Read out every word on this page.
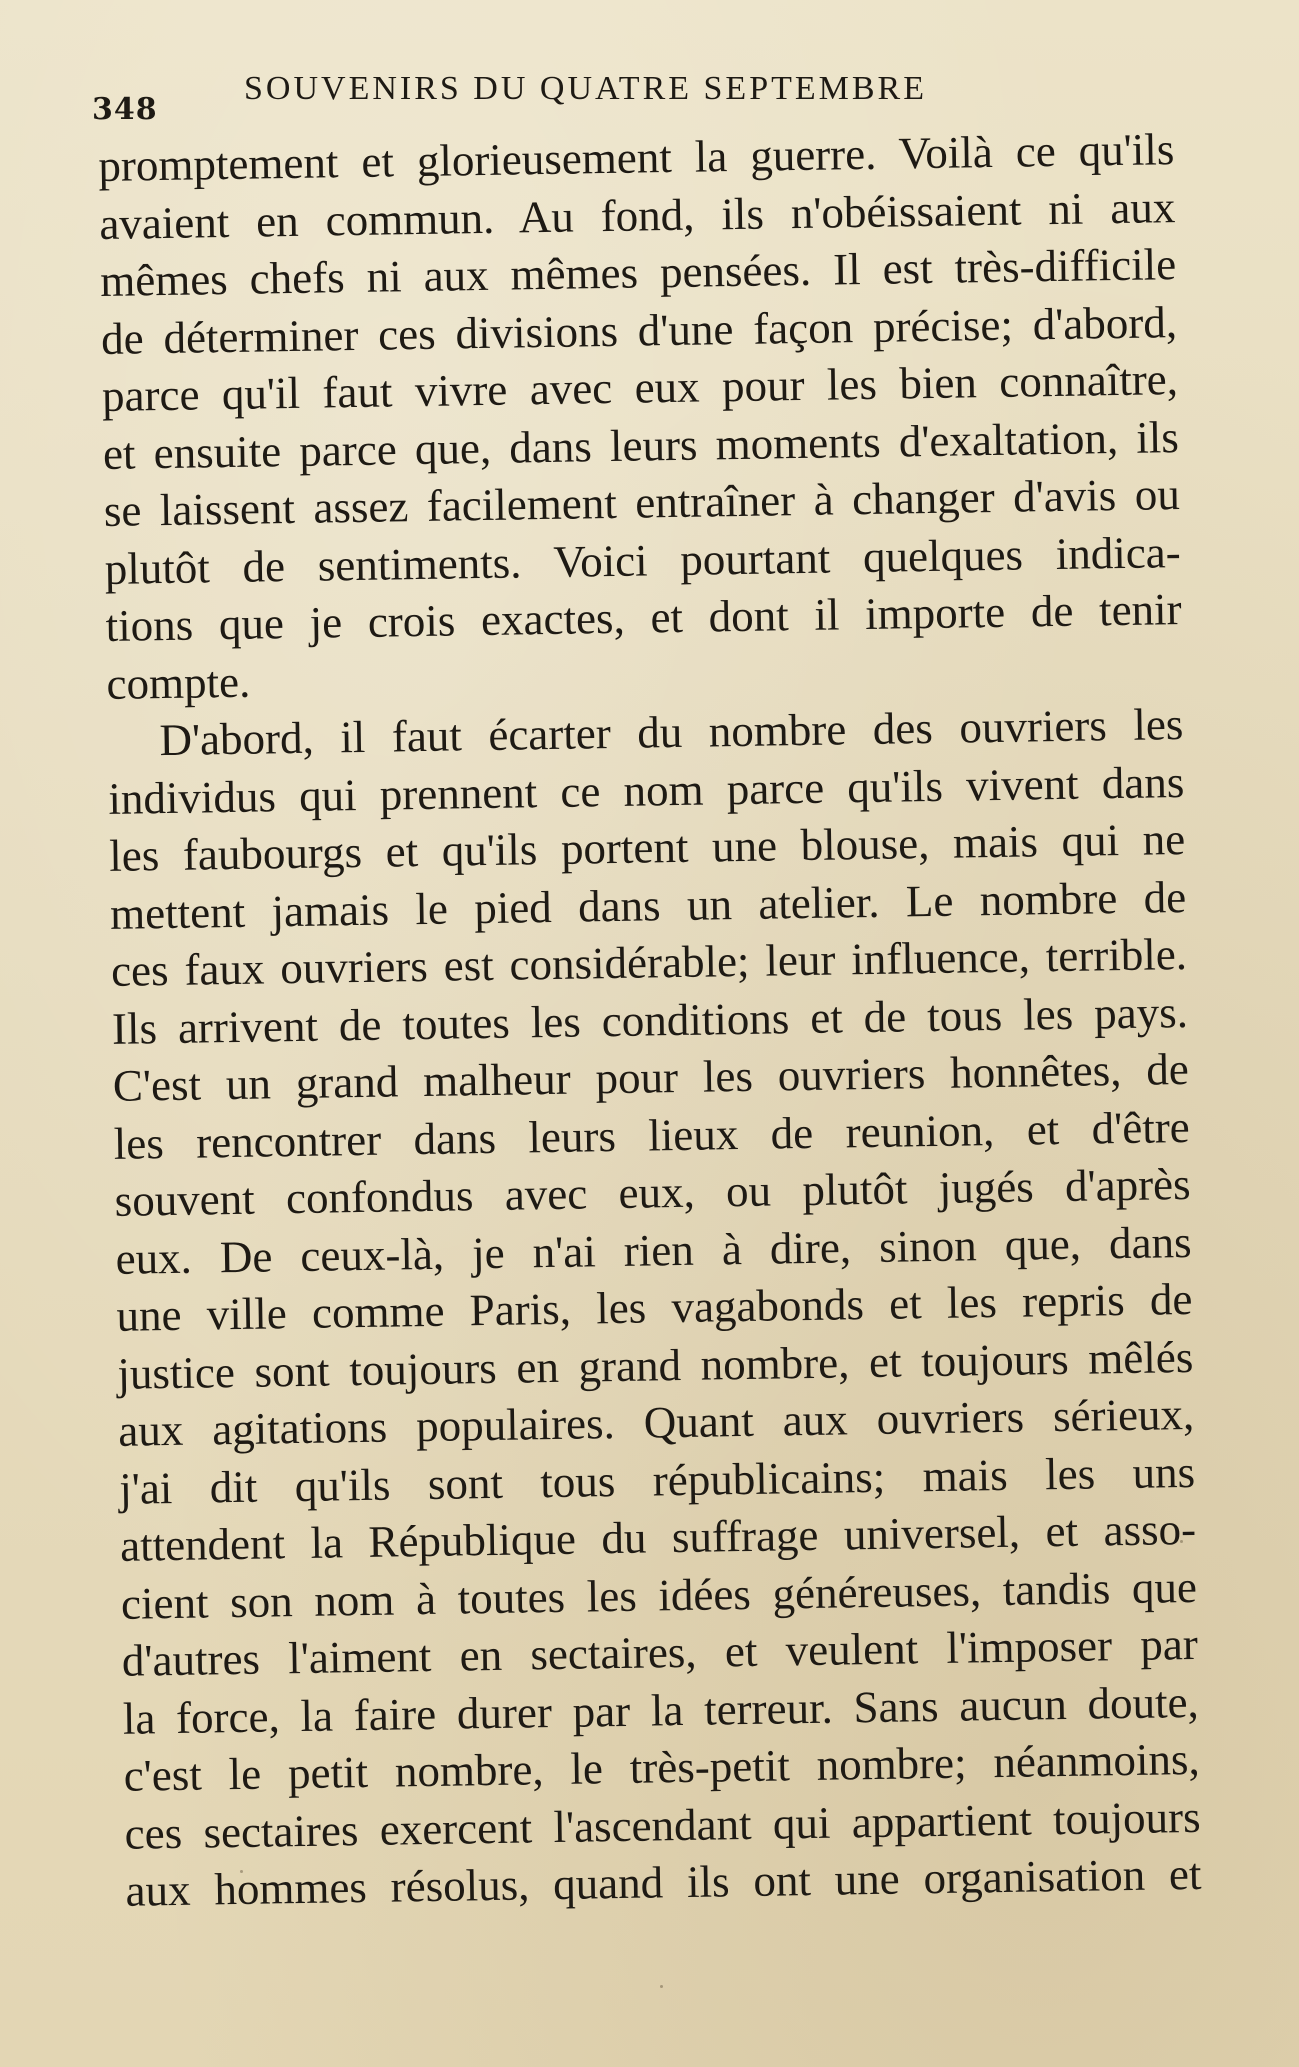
348
SOUVENIRS DU QUATRE SEPTEMBRE
promptement et glorieusement la guerre. Voilà ce qu'ils
avaient en commun. Au fond, ils n'obéissaient ni aux
mêmes chefs ni aux mêmes pensées. Il est très-difficile
de déterminer ces divisions d'une façon précise; d'abord,
parce qu'il faut vivre avec eux pour les bien connaître,
et ensuite parce que, dans leurs moments d'exaltation, ils
se laissent assez facilement entraîner à changer d'avis ou
plutôt de sentiments. Voici pourtant quelques indica-
tions que je crois exactes, et dont il importe de tenir
compte.
D'abord, il faut écarter du nombre des ouvriers les
individus qui prennent ce nom parce qu'ils vivent dans
les faubourgs et qu'ils portent une blouse, mais qui ne
mettent jamais le pied dans un atelier. Le nombre de
ces faux ouvriers est considérable; leur influence, terrible.
Ils arrivent de toutes les conditions et de tous les pays.
C'est un grand malheur pour les ouvriers honnêtes, de
les rencontrer dans leurs lieux de reunion, et d'être
souvent confondus avec eux, ou plutôt jugés d'après
eux. De ceux-là, je n'ai rien à dire, sinon que, dans
une ville comme Paris, les vagabonds et les repris de
justice sont toujours en grand nombre, et toujours mêlés
aux agitations populaires. Quant aux ouvriers sérieux,
j'ai dit qu'ils sont tous républicains; mais les uns
attendent la République du suffrage universel, et asso-
cient son nom à toutes les idées généreuses, tandis que
d'autres l'aiment en sectaires, et veulent l'imposer par
la force, la faire durer par la terreur. Sans aucun doute,
c'est le petit nombre, le très-petit nombre; néanmoins,
ces sectaires exercent l'ascendant qui appartient toujours
aux hommes résolus, quand ils ont une organisation et
